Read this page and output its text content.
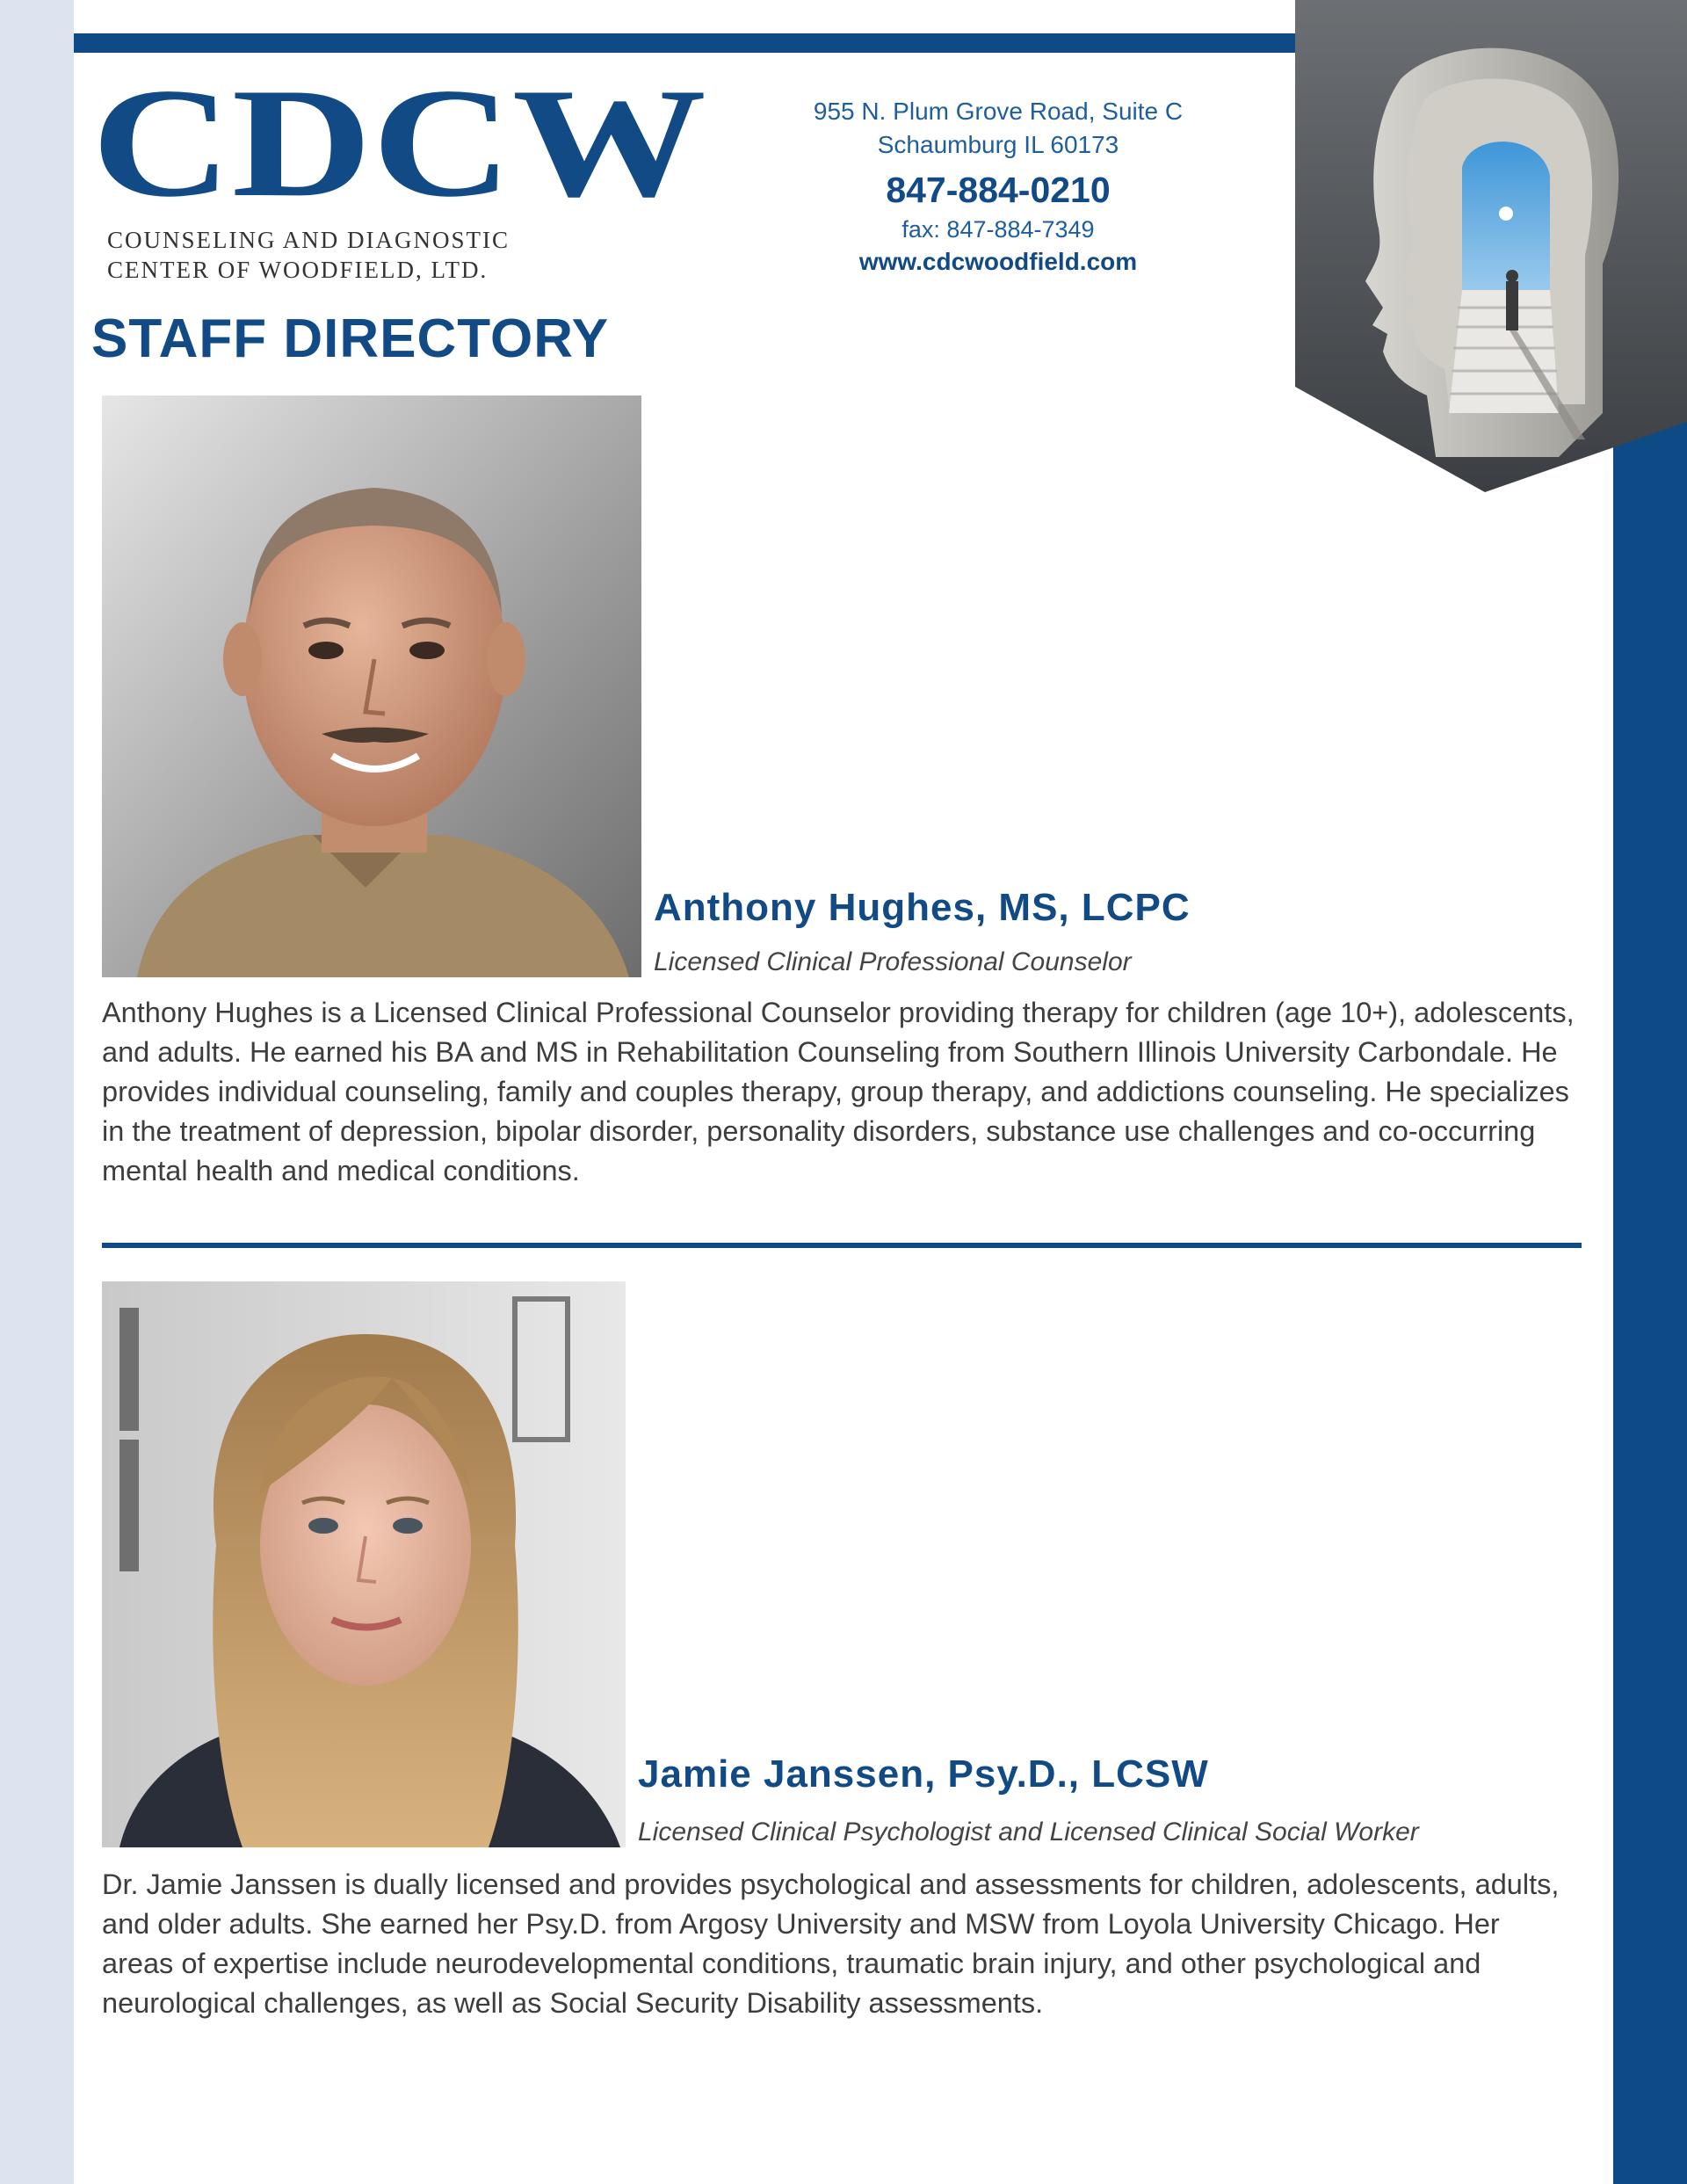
CDCW
COUNSELING AND DIAGNOSTIC
CENTER OF WOODFIELD, LTD.
955 N. Plum Grove Road, Suite C
Schaumburg IL 60173
847-884-0210
fax: 847-884-7349
www.cdcwoodfield.com
STAFF DIRECTORY
Anthony Hughes, MS, LCPC
Licensed Clinical Professional Counselor

Anthony Hughes is a Licensed Clinical Professional Counselor providing therapy for children (age 10+), adolescents, and adults. He earned his BA and MS in Rehabilitation Counseling from Southern Illinois University Carbondale. He provides individual counseling, family and couples therapy, group therapy, and addictions counseling. He specializes in the treatment of depression, bipolar disorder, personality disorders, substance use challenges and co-occurring mental health and medical conditions.

Jamie Janssen, Psy.D., LCSW
Licensed Clinical Psychologist and Licensed Clinical Social Worker

Dr. Jamie Janssen is dually licensed and provides psychological and assessments for children, adolescents, adults, and older adults. She earned her Psy.D. from Argosy University and MSW from Loyola University Chicago. Her areas of expertise include neurodevelopmental conditions, traumatic brain injury, and other psychological and neurological challenges, as well as Social Security Disability assessments.
